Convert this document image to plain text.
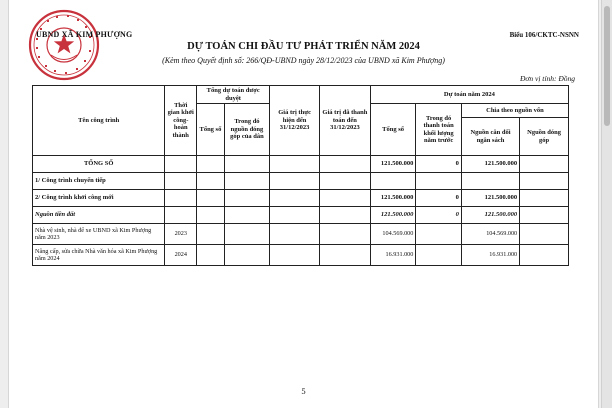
UBND XÃ KIM PHƯỢNG	Biểu 106/CKTC-NSNN
DỰ TOÁN CHI ĐẦU TƯ PHÁT TRIỂN NĂM 2024
(Kèm theo Quyết định số: 266/QĐ-UBND ngày 28/12/2023 của UBND xã Kim Phượng)
Đơn vị tính: Đồng
Tên công trình	Thời gian khởi công-hoàn thành	Tổng dự toán được duyệt		Giá trị thực hiện đến 31/12/2023	Giá trị đã thanh toán đến 31/12/2023	Dự toán năm 2024			
		Tổng số	Trong đó nguồn đóng góp của dân			Tổng số	Trong đó thanh toán khối lượng năm trước	Chia theo nguồn vốn	
								Nguồn cân đối ngân sách	Nguồn đóng góp
TỔNG SỐ						121.500.000	0	121.500.000	
1/ Công trình chuyển tiếp									
2/ Công trình khởi công mới						121.500.000	0	121.500.000	
Nguồn tiền đất						121.500.000	0	121.500.000	
Nhà vệ sinh, nhà để xe UBND xã Kim Phượng năm 2023	2023					104.569.000		104.569.000	
Nâng cấp, sửa chữa Nhà văn hóa xã Kim Phượng năm 2024	2024					16.931.000		16.931.000	
5
